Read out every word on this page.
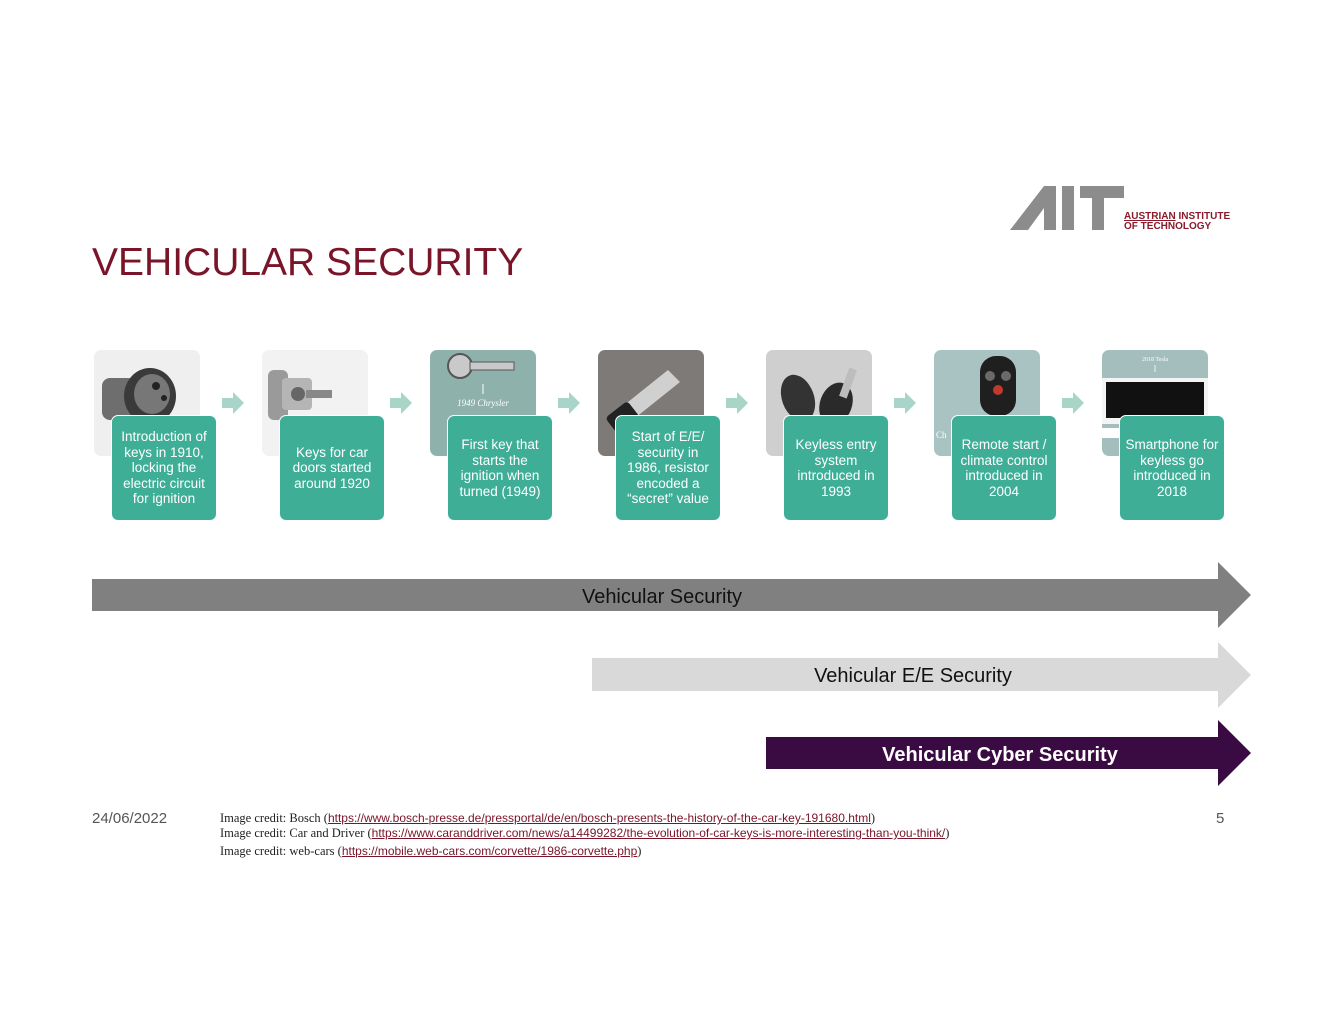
AUSTRIAN INSTITUTE
OF TECHNOLOGY
VEHICULAR SECURITY
1949 Chrysler
Ch
2018 Tesla
Introduction of keys in 1910, locking the electric circuit for ignition
Keys for car doors started around 1920
First key that starts the ignition when turned (1949)
Start of E/E/ security in 1986, resistor encoded a “secret” value
Keyless entry system introduced in 1993
Remote start / climate control introduced in 2004
Smartphone for keyless go introduced in 2018
Vehicular Security
Vehicular E/E Security
Vehicular Cyber Security
24/06/2022	5
Image credit: Bosch (https://www.bosch-presse.de/pressportal/de/en/bosch-presents-the-history-of-the-car-key-191680.html)
Image credit: Car and Driver (https://www.caranddriver.com/news/a14499282/the-evolution-of-car-keys-is-more-interesting-than-you-think/)
Image credit: web-cars (https://mobile.web-cars.com/corvette/1986-corvette.php)
